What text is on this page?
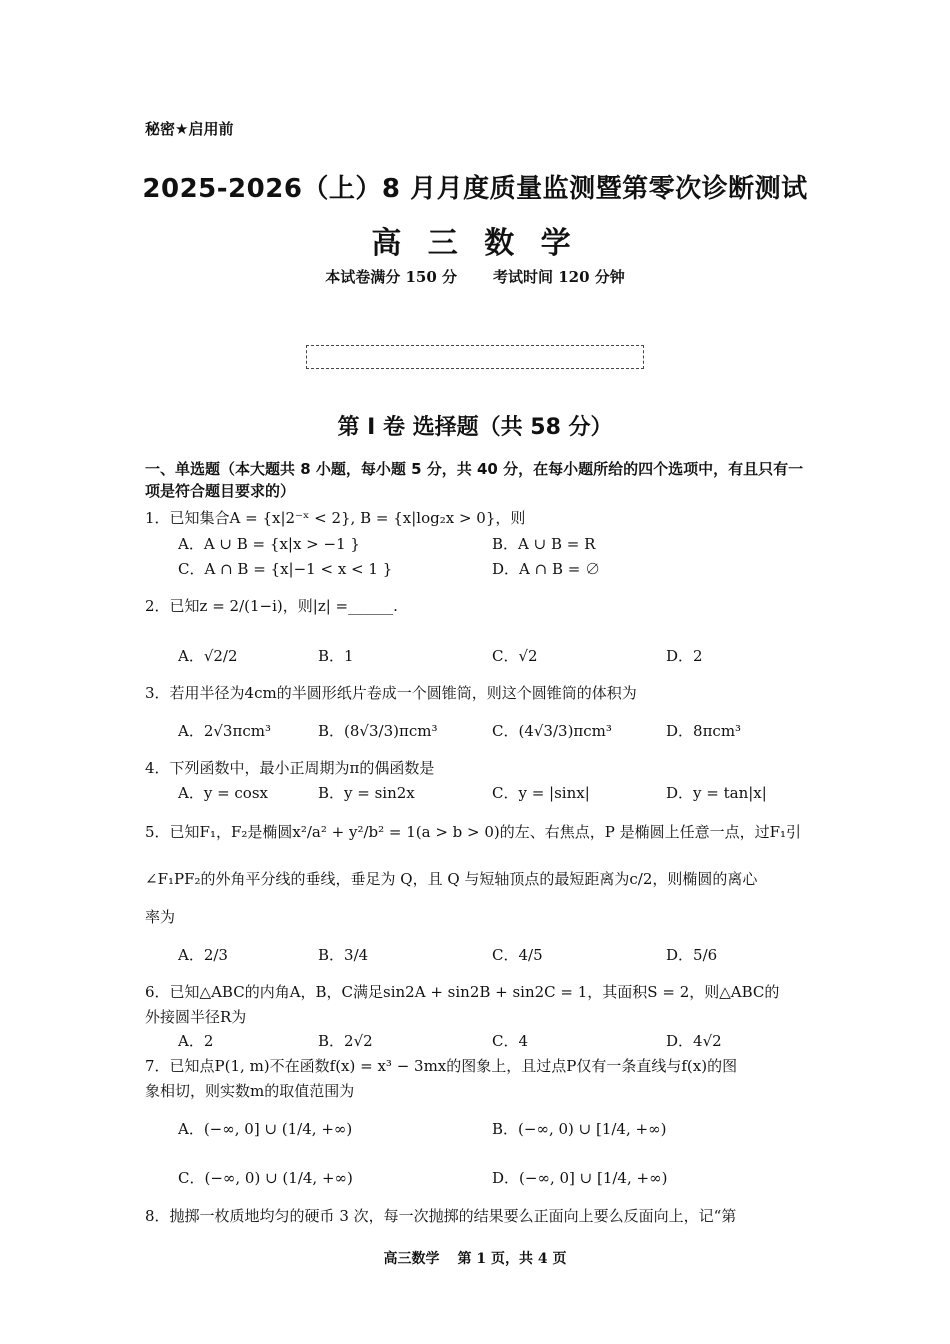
秘密★启用前
2025-2026（上）8 月月度质量监测暨第零次诊断测试
高 三 数 学
本试卷满分 150 分 考试时间 120 分钟
第 I 卷 选择题（共 58 分）
一、单选题（本大题共 8 小题，每小题 5 分，共 40 分，在每小题所给的四个选项中，有且只有一项是符合题目要求的）
1．已知集合A = {x|2⁻ˣ < 2}, B = {x|log₂x > 0}，则
A．A ∪ B = {x|x > −1 }	B．A ∪ B = R
C．A ∩ B = {x|−1 < x < 1 }	D．A ∩ B = ∅
2．已知z = 2/(1−i)，则|z| =______.
A．√2/2	B．1	C．√2	D．2
3．若用半径为4cm的半圆形纸片卷成一个圆锥筒，则这个圆锥筒的体积为
A．2√3πcm³	B．(8√3/3)πcm³	C．(4√3/3)πcm³	D．8πcm³
4．下列函数中，最小正周期为π的偶函数是
A．y = cosx	B．y = sin2x	C．y = |sinx|	D．y = tan|x|
5．已知F₁，F₂是椭圆x²/a² + y²/b² = 1(a > b > 0)的左、右焦点，P 是椭圆上任意一点，过F₁引
∠F₁PF₂的外角平分线的垂线，垂足为 Q，且 Q 与短轴顶点的最短距离为c/2，则椭圆的离心
率为
A．2/3	B．3/4	C．4/5	D．5/6
6．已知△ABC的内角A，B，C满足sin2A + sin2B + sin2C = 1，其面积S = 2，则△ABC的
外接圆半径R为
A．2	B．2√2	C．4	D．4√2
7．已知点P(1, m)不在函数f(x) = x³ − 3mx的图象上，且过点P仅有一条直线与f(x)的图
象相切，则实数m的取值范围为
A．(−∞, 0] ∪ (1/4, +∞)	B．(−∞, 0) ∪ [1/4, +∞)
C．(−∞, 0) ∪ (1/4, +∞)	D．(−∞, 0] ∪ [1/4, +∞)
8．抛掷一枚质地均匀的硬币 3 次，每一次抛掷的结果要么正面向上要么反面向上，记“第
高三数学 第 1 页，共 4 页
